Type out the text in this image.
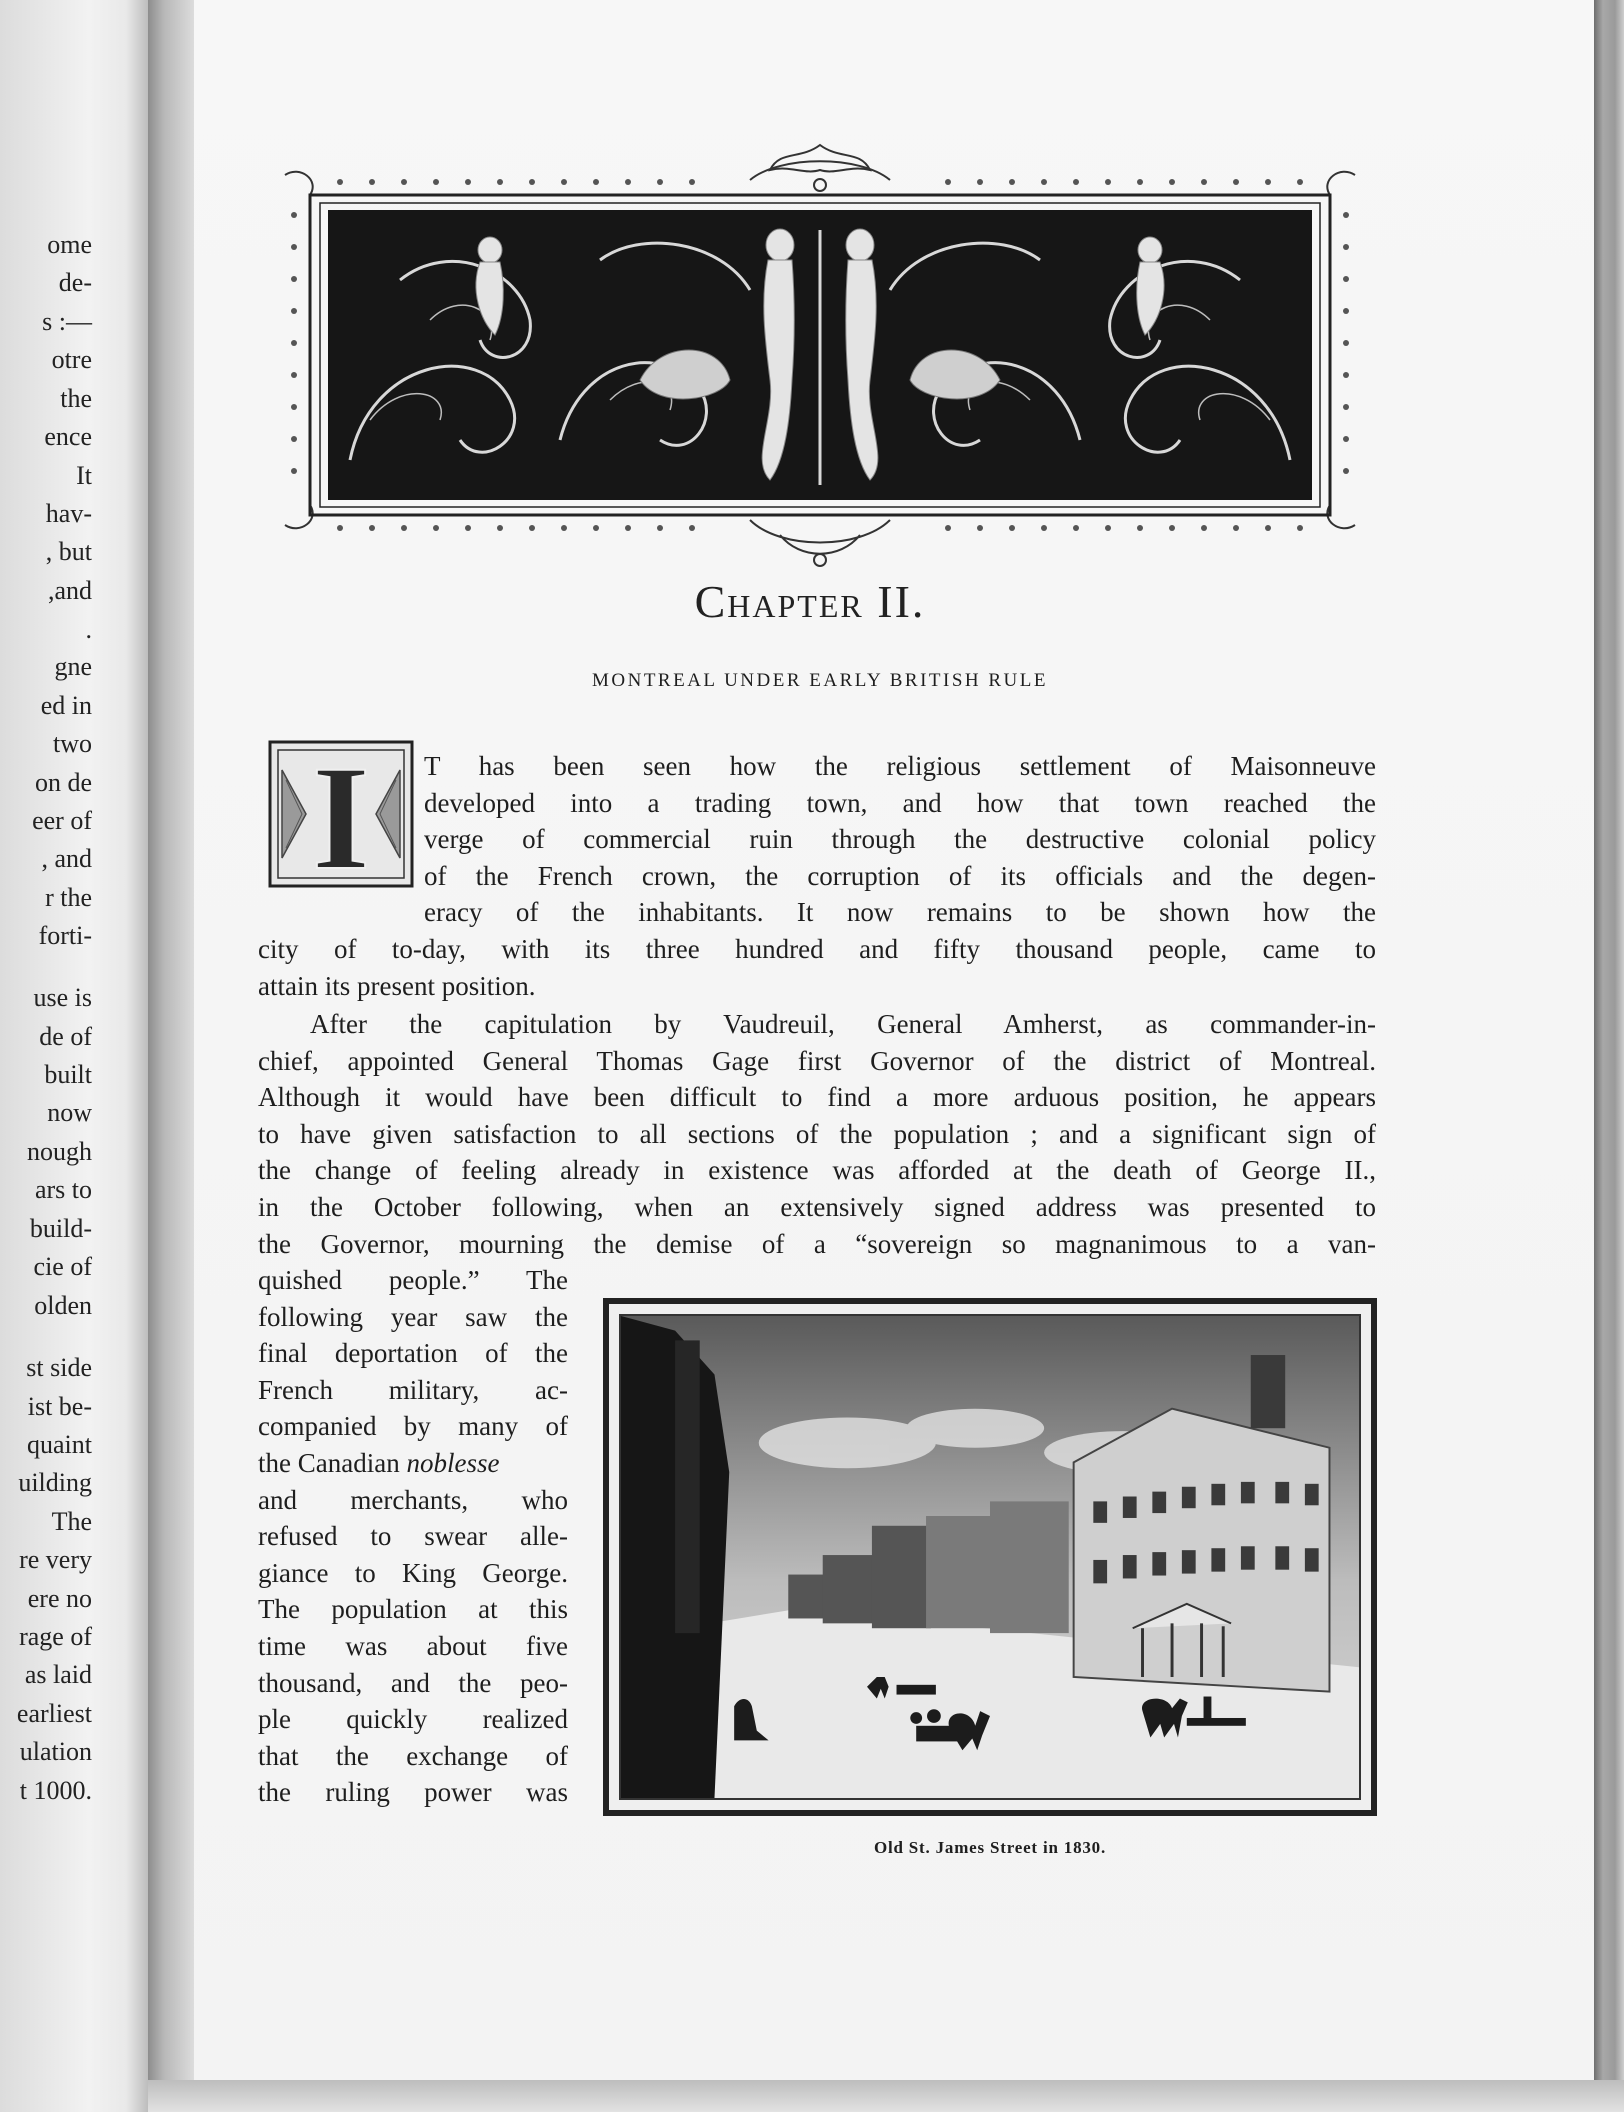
ome
de-
s :—
otre
the
ence
It
hav-
, but
,and
.
gne
ed in
two
on de
eer of
, and
r the
forti-
use is
de of
built
now
nough
ars to
build-
cie of
olden
st side
ist be-
quaint
uilding
The
re very
ere no
rage of
as laid
earliest
ulation
t 1000.
Chapter II.
MONTREAL UNDER EARLY BRITISH RULE
I T has been seen how the religious settlement of Maisonneuve
developed into a trading town, and how that town reached the
verge of commercial ruin through the destructive colonial policy
of the French crown, the corruption of its officials and the degen-
eracy of the inhabitants. It now remains to be shown how the
city of to-day, with its three hundred and fifty thousand people, came to
attain its present position.
After the capitulation by Vaudreuil, General Amherst, as commander-in-
chief, appointed General Thomas Gage first Governor of the district of Montreal.
Although it would have been difficult to find a more arduous position, he appears
to have given satisfaction to all sections of the population ; and a significant sign of
the change of feeling already in existence was afforded at the death of George II.,
in the October following, when an extensively signed address was presented to
the Governor, mourning the demise of a “sovereign so magnanimous to a van-
quished people.” The
following year saw the
final deportation of the
French military, ac-
companied by many of
the Canadian noblesse
and merchants, who
refused to swear alle-
giance to King George.
The population at this
time was about five
thousand, and the peo-
ple quickly realized
that the exchange of
the ruling power was
Old St. James Street in 1830.
